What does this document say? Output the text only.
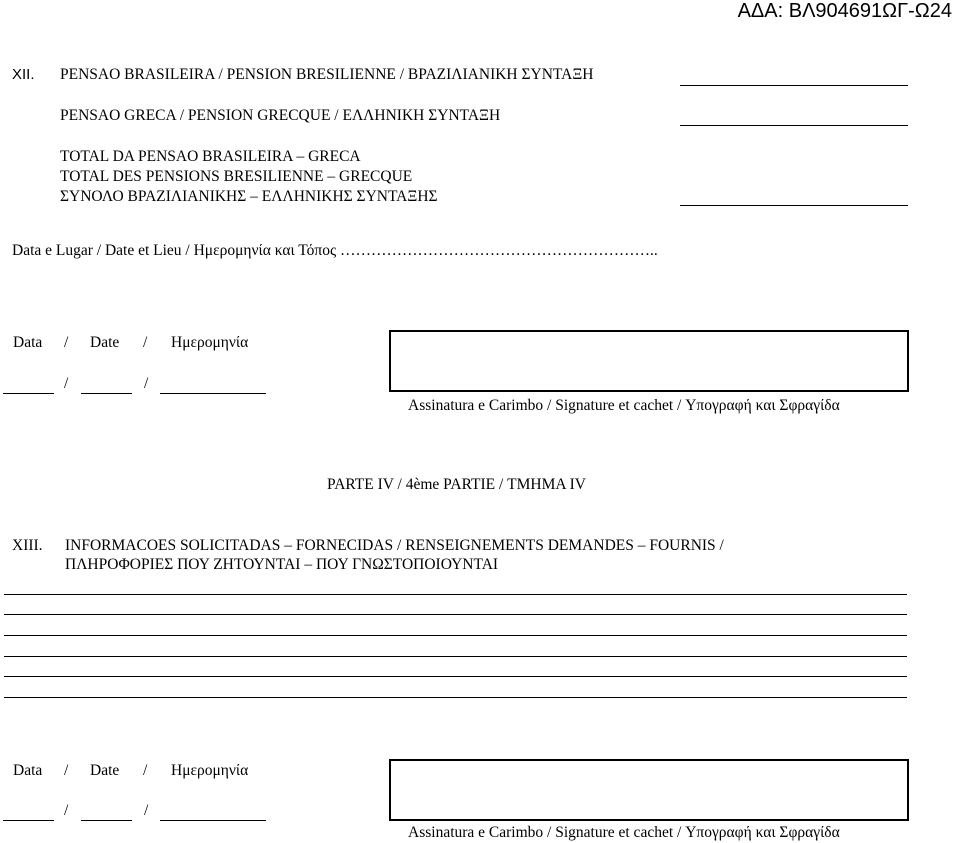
ΑΔΑ: ΒΛ904691ΩΓ-Ω24
XII. PENSAO BRASILEIRA / PENSION BRESILIENNE / ΒΡΑΖΙΛΙΑΝΙΚΗ ΣΥΝΤΑΞΗ
PENSAO GRECA / PENSION GRECQUE / ΕΛΛΗΝΙΚΗ ΣΥΝΤΑΞΗ
TOTAL DA PENSAO BRASILEIRA – GRECA
TOTAL DES PENSIONS BRESILIENNE – GRECQUE
ΣΥΝΟΛΟ ΒΡΑΖΙΛΙΑΝΙΚΗΣ – ΕΛΛΗΝΙΚΗΣ ΣΥΝΤΑΞΗΣ
Data e Lugar / Date et Lieu / Ημερομηνία και Τόπος ……………………………………………………..
Data / Date / Ημερομηνία
/	/
Assinatura e Carimbo / Signature et cachet / Υπογραφή και Σφραγίδα
PARTE IV / 4ème PARTIE / ΤΜΗΜΑ IV
XIII. INFORMACOES SOLICITADAS – FORNECIDAS / RENSEIGNEMENTS DEMANDES – FOURNIS /
ΠΛΗΡΟΦΟΡΙΕΣ ΠΟΥ ΖΗΤΟΥΝΤΑΙ – ΠΟΥ ΓΝΩΣΤΟΠΟΙΟΥΝΤΑΙ
Data / Date / Ημερομηνία
/	/
Assinatura e Carimbo / Signature et cachet / Υπογραφή και Σφραγίδα
